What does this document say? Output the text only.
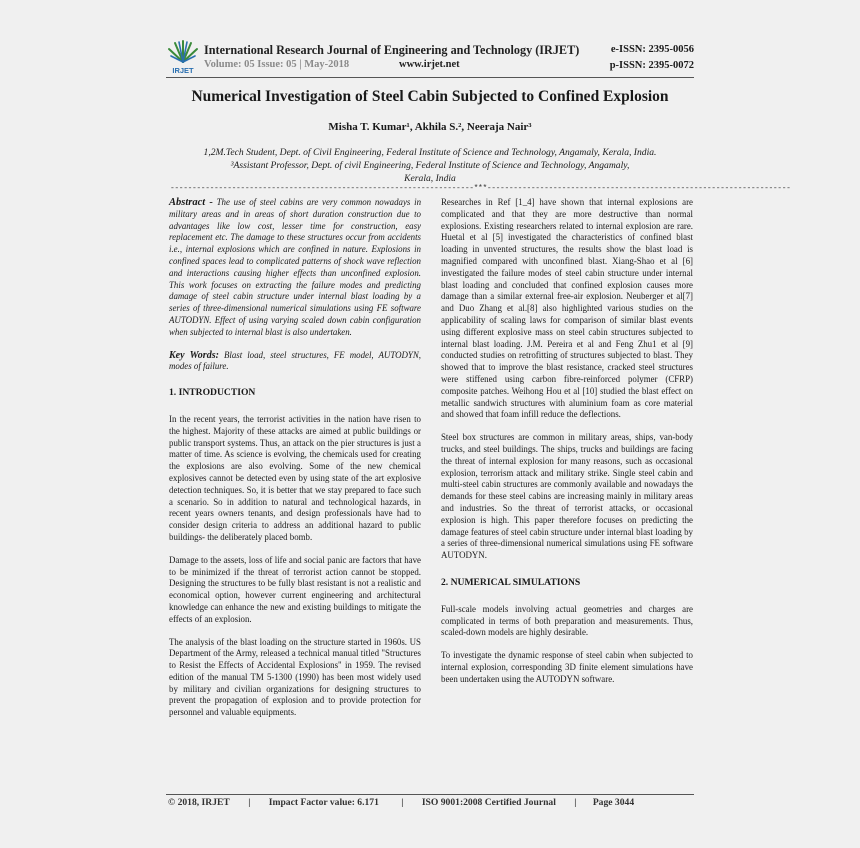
IRJET
International Research Journal of Engineering and Technology (IRJET)
Volume: 05 Issue: 05 | May-2018	www.irjet.net
e-ISSN: 2395-0056
p-ISSN: 2395-0072
Numerical Investigation of Steel Cabin Subjected to Confined Explosion
Misha T. Kumar¹, Akhila S.², Neeraja Nair³
1,2M.Tech Student, Dept. of Civil Engineering, Federal Institute of Science and Technology, Angamaly, Kerala, India.
³Assistant Professor, Dept. of civil Engineering, Federal Institute of Science and Technology, Angamaly,
Kerala, India
---------------------------------------------------------------------***---------------------------------------------------------------------

Abstract - The use of steel cabins are very common nowadays in military areas and in areas of short duration construction due to advantages like low cost, lesser time for construction, easy replacement etc. The damage to these structures occur from accidents i.e., internal explosions which are confined in nature. Explosions in confined spaces lead to complicated patterns of shock wave reflection and interactions causing higher effects than unconfined explosion. This work focuses on extracting the failure modes and predicting damage of steel cabin structure under internal blast loading by a series of three-dimensional numerical simulations using FE software AUTODYN. Effect of using varying scaled down cabin configuration when subjected to internal blast is also undertaken.

Key Words: Blast load, steel structures, FE model, AUTODYN, modes of failure.

1. INTRODUCTION

In the recent years, the terrorist activities in the nation have risen to the highest. Majority of these attacks are aimed at public buildings or public transport systems. Thus, an attack on the pier structures is just a matter of time. As science is evolving, the chemicals used for creating the explosions are also evolving. Some of the new chemical explosives cannot be detected even by using state of the art explosive detection techniques. So, it is better that we stay prepared to face such a scenario. So in addition to natural and technological hazards, in recent years owners tenants, and design professionals have had to consider design criteria to address an additional hazard to public buildings- the deliberately placed bomb.

Damage to the assets, loss of life and social panic are factors that have to be minimized if the threat of terrorist action cannot be stopped. Designing the structures to be fully blast resistant is not a realistic and economical option, however current engineering and architectural knowledge can enhance the new and existing buildings to mitigate the effects of an explosion.

The analysis of the blast loading on the structure started in 1960s. US Department of the Army, released a technical manual titled "Structures to Resist the Effects of Accidental Explosions" in 1959. The revised edition of the manual TM 5-1300 (1990) has been most widely used by military and civilian organizations for designing structures to prevent the propagation of explosion and to provide protection for personnel and valuable equipments.

Researches in Ref [1_4] have shown that internal explosions are complicated and that they are more destructive than normal explosions. Existing researchers related to internal explosion are rare. Huetal et al [5] investigated the characteristics of confined blast loading in unvented structures, the results show the blast load is magnified compared with unconfined blast. Xiang-Shao et al [6] investigated the failure modes of steel cabin structure under internal blast loading and concluded that confined explosion causes more damage than a similar external free-air explosion. Neuberger et al[7] and Duo Zhang et al.[8] also highlighted various studies on the applicability of scaling laws for comparison of similar blast events using different explosive mass on steel cabin structures subjected to internal blast loading. J.M. Pereira et al and Feng Zhu1 et al [9] conducted studies on retrofitting of structures subjected to blast. They showed that to improve the blast resistance, cracked steel structures were stiffened using carbon fibre-reinforced polymer (CFRP) composite patches. Weihong Hou et al [10] studied the blast effect on metallic sandwich structures with aluminium foam as core material and showed that foam infill reduce the deflections.

Steel box structures are common in military areas, ships, van-body trucks, and steel buildings. The ships, trucks and buildings are facing the threat of internal explosion for many reasons, such as occasional explosion, terrorism attack and military strike. Single steel cabin and multi-steel cabin structures are commonly available and nowadays the demands for these steel cabins are increasing mainly in military areas and industries. So the threat of terrorist attacks, or occasional explosion is high. This paper therefore focuses on predicting the damage features of steel cabin structure under internal blast loading by a series of three-dimensional numerical simulations using FE software AUTODYN.

2. NUMERICAL SIMULATIONS

Full-scale models involving actual geometries and charges are complicated in terms of both preparation and measurements. Thus, scaled-down models are highly desirable.

To investigate the dynamic response of steel cabin when subjected to internal explosion, corresponding 3D finite element simulations have been undertaken using the AUTODYN software.

© 2018, IRJET | Impact Factor value: 6.171 | ISO 9001:2008 Certified Journal | Page 3044
